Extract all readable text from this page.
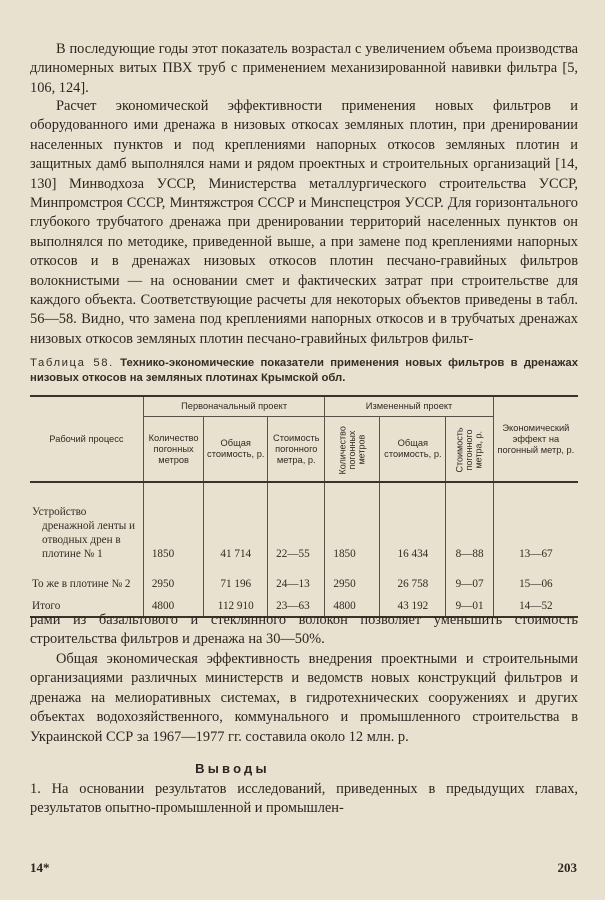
В последующие годы этот показатель возрастал с увеличением объема производства длиномерных витых ПВХ труб с применением механизированной навивки фильтра [5, 106, 124].

Расчет экономической эффективности применения новых фильтров и оборудованного ими дренажа в низовых откосах земляных плотин, при дренировании населенных пунктов и под креплениями напорных откосов земляных плотин и защитных дамб выполнялся нами и рядом проектных и строительных организаций [14, 130] Минводхоза УССР, Министерства металлургического строительства УССР, Минпромстроя СССР, Минтяжстроя СССР и Минспецстроя УССР. Для горизонтального глубокого трубчатого дренажа при дренировании территорий населенных пунктов он выполнялся по методике, приведенной выше, а при замене под креплениями напорных откосов и в дренажах низовых откосов плотин песчано-гравийных фильтров волокнистыми — на основании смет и фактических затрат при строительстве для каждого объекта. Соответствующие расчеты для некоторых объектов приведены в табл. 56—58. Видно, что замена под креплениями напорных откосов и в трубчатых дренажах низовых откосов земляных плотин песчано-гравийных фильтров фильт-

Таблица 58. Технико-экономические показатели применения новых фильтров в дренажах низовых откосов на земляных плотинах Крымской обл.

Рабочий процесс	Первоначальный проект			Измененный проект			Экономический эффект на погонный метр, р.
	Количество погонных метров	Общая стоимость, р.	Стоимость погонного метра, р.	Количество погонных метров	Общая стоимость, р.	Стоимость погонного метра, р.	
Устройство дренажной ленты и отводных дрен в плотине № 1	1850	41 714	22—55	1850	16 434	8—88	13—67
То же в плотине № 2	2950	71 196	24—13	2950	26 758	9—07	15—06
Итого	4800	112 910	23—63	4800	43 192	9—01	14—52

рами из базальтового и стеклянного волокон позволяет уменьшить стоимость строительства фильтров и дренажа на 30—50%.

Общая экономическая эффективность внедрения проектными и строительными организациями различных министерств и ведомств новых конструкций фильтров и дренажа на мелиоративных системах, в гидротехнических сооружениях и других объектах водохозяйственного, коммунального и промышленного строительства в Украинской ССР за 1967—1977 гг. составила около 12 млн. р.

Выводы

1. На основании результатов исследований, приведенных в предыдущих главах, результатов опытно-промышленной и промышлен-

14*	203
